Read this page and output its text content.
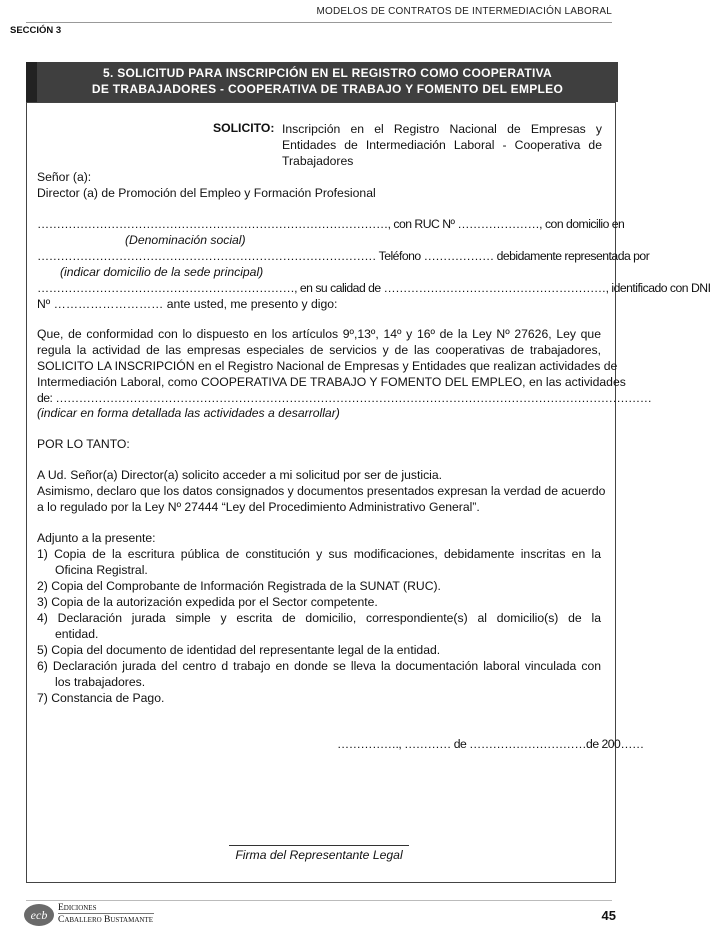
MODELOS DE CONTRATOS DE INTERMEDIACIÓN LABORAL
SECCIÓN 3
5. SOLICITUD PARA INSCRIPCIÓN EN EL REGISTRO COMO COOPERATIVA
DE TRABAJADORES - COOPERATIVA DE TRABAJO Y FOMENTO DEL EMPLEO
SOLICITO: Inscripción en el Registro Nacional de Empresas y Entidades de Intermediación Laboral - Cooperativa de Trabajadores
Señor (a):
Director (a) de Promoción del Empleo y Formación Profesional
………………………………………………………………………………, con RUC Nº …………………, con domicilio en
(Denominación social)
…………………………………………………………………………… Teléfono ……………… debidamente representada por
(indicar domicilio de la sede principal)
…………………………………………………………, en su calidad de …………………………………………………, identificado con DNI
Nº ……………………… ante usted, me presento y digo:
Que, de conformidad con lo dispuesto en los artículos 9º,13º, 14º y 16º de la Ley Nº 27626, Ley que
regula la actividad de las empresas especiales de servicios y de las cooperativas de trabajadores,
SOLICITO LA INSCRIPCIÓN en el Registro Nacional de Empresas y Entidades que realizan actividades de
Intermediación Laboral, como COOPERATIVA DE TRABAJO Y FOMENTO DEL EMPLEO, en las actividades
de: ………………………………………………………………………………………………………………………………………
(indicar en forma detallada las actividades a desarrollar)
POR LO TANTO:
A Ud. Señor(a) Director(a) solicito acceder a mi solicitud por ser de justicia.
Asimismo, declaro que los datos consignados y documentos presentados expresan la verdad de acuerdo
a lo regulado por la Ley Nº 27444 “Ley del Procedimiento Administrativo General”.
Adjunto a la presente:
1) Copia de la escritura pública de constitución y sus modificaciones, debidamente inscritas en la
Oficina Registral.
2) Copia del Comprobante de Información Registrada de la SUNAT (RUC).
3) Copia de la autorización expedida por el Sector competente.
4) Declaración jurada simple y escrita de domicilio, correspondiente(s) al domicilio(s) de la
entidad.
5) Copia del documento de identidad del representante legal de la entidad.
6) Declaración jurada del centro d trabajo en donde se lleva la documentación laboral vinculada con
los trabajadores.
7) Constancia de Pago.
……………., ………… de …………………………de 200……
Firma del Representante Legal
ecb	Ediciones
Caballero Bustamante	45
